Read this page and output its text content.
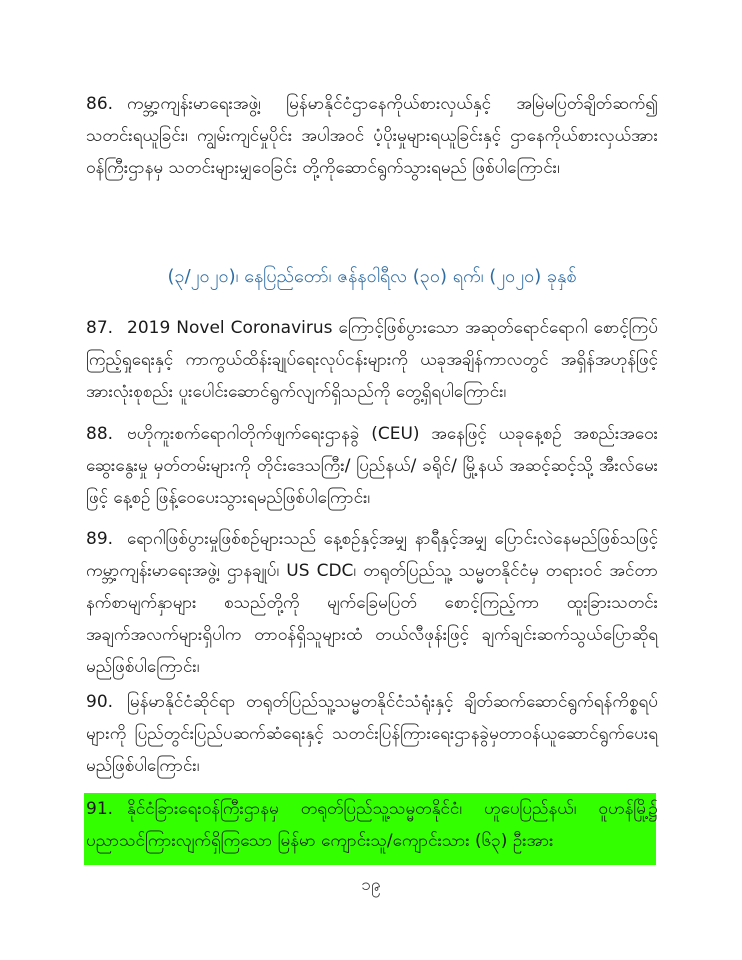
86. ကမ္ဘာ့ကျန်းမာရေးအဖွဲ့၊ မြန်မာနိုင်ငံဌာနေကိုယ်စားလှယ်နှင့် အမြဲမပြတ်ချိတ်ဆက်၍ သတင်းရယူခြင်း၊ ကျွမ်းကျင်မှုပိုင်း အပါအဝင် ပံ့ပိုးမှုများရယူခြင်းနှင့် ဌာနေကိုယ်စားလှယ်အား ဝန်ကြီးဌာနမှ သတင်းများမျှဝေခြင်း တို့ကိုဆောင်ရွက်သွားရမည် ဖြစ်ပါကြောင်း၊

(၃/၂၀၂၀)၊ နေပြည်တော်၊ ဇန်နဝါရီလ (၃၀) ရက်၊ (၂၀၂၀) ခုနှစ်

87. 2019 Novel Coronavirus ကြောင့်ဖြစ်ပွားသော အဆုတ်ရောင်ရောဂါ စောင့်ကြပ်ကြည့်ရှုရေးနှင့် ကာကွယ်ထိန်းချုပ်ရေးလုပ်ငန်းများကို ယခုအချိန်ကာလတွင် အရှိန်အဟုန်ဖြင့် အားလုံးစုစည်း ပူးပေါင်းဆောင်ရွက်လျက်ရှိသည်ကို တွေ့ရှိရပါကြောင်း၊

88. ဗဟိုကူးစက်ရောဂါတိုက်ဖျက်ရေးဌာနခွဲ (CEU) အနေဖြင့် ယခုနေ့စဉ် အစည်းအဝေးဆွေးနွေးမှု မှတ်တမ်းများကို တိုင်းဒေသကြီး/ ပြည်နယ်/ ခရိုင်/ မြို့နယ် အဆင့်ဆင့်သို့ အီးလ်မေးဖြင့် နေ့စဉ် ဖြန့်ဝေပေးသွားရမည်ဖြစ်ပါကြောင်း၊

89. ရောဂါဖြစ်ပွားမှုဖြစ်စဉ်များသည် နေ့စဉ်နှင့်အမျှ နာရီနှင့်အမျှ ပြောင်းလဲနေမည်ဖြစ်သဖြင့် ကမ္ဘာ့ကျန်းမာရေးအဖွဲ့၊ ဌာနချုပ်၊ US CDC၊ တရုတ်ပြည်သူ့ သမ္မတနိုင်ငံမှ တရားဝင် အင်တာနက်စာမျက်နှာများ စသည်တို့ကို မျက်ခြေမပြတ် စောင့်ကြည့်ကာ ထူးခြားသတင်းအချက်အလက်များရှိပါက တာဝန်ရှိသူများထံ တယ်လီဖုန်းဖြင့် ချက်ချင်းဆက်သွယ်ပြောဆိုရမည်ဖြစ်ပါကြောင်း၊

90. မြန်မာနိုင်ငံဆိုင်ရာ တရုတ်ပြည်သူ့သမ္မတနိုင်ငံသံရုံးနှင့် ချိတ်ဆက်ဆောင်ရွက်ရန်ကိစ္စရပ်များကို ပြည်တွင်းပြည်ပဆက်ဆံရေးနှင့် သတင်းပြန်ကြားရေးဌာနခွဲမှတာဝန်ယူဆောင်ရွက်ပေးရမည်ဖြစ်ပါကြောင်း၊

91. နိုင်ငံခြားရေးဝန်ကြီးဌာနမှ တရုတ်ပြည်သူ့သမ္မတနိုင်ငံ၊ ဟူပေပြည်နယ်၊ ဝူဟန်မြို့၌ ပညာသင်ကြားလျက်ရှိကြသော မြန်မာ ကျောင်းသူ/ကျောင်းသား (၆၃) ဦးအား

၁၉
